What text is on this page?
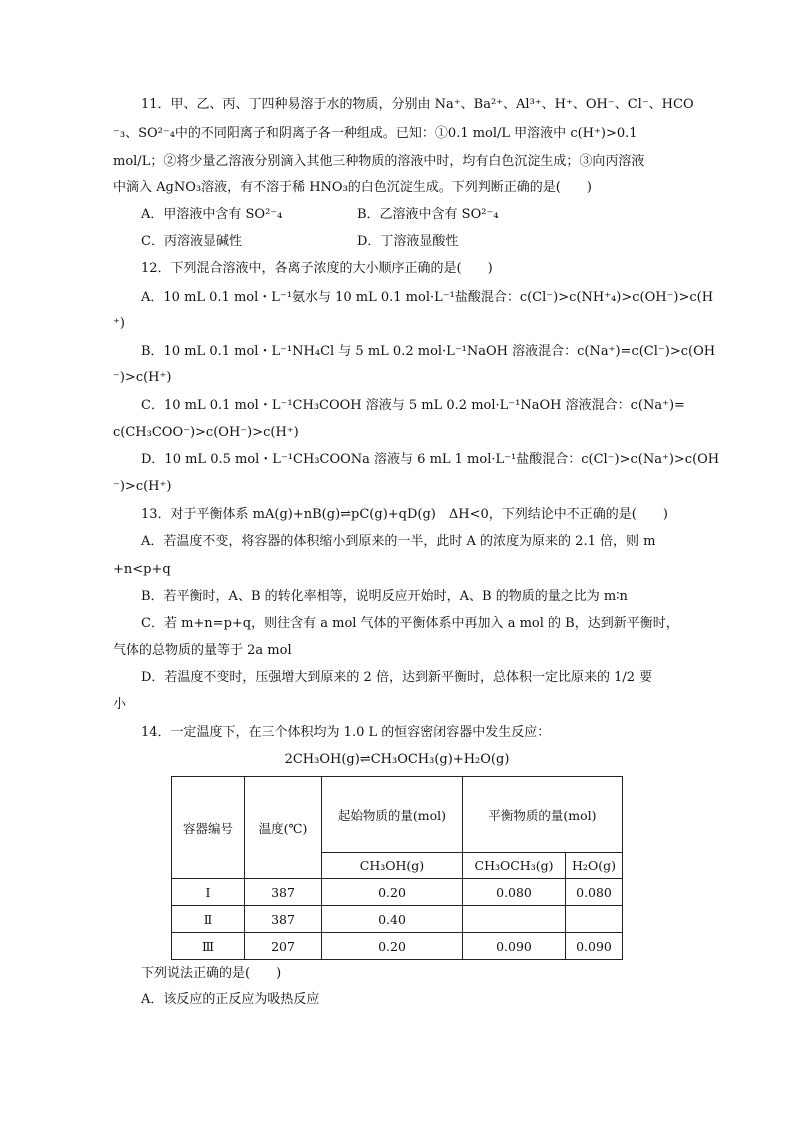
11．甲、乙、丙、丁四种易溶于水的物质，分别由 Na⁺、Ba²⁺、Al³⁺、H⁺、OH⁻、Cl⁻、HCO
⁻₃、SO²⁻₄中的不同阳离子和阴离子各一种组成。已知：①0.1 mol/L 甲溶液中 c(H⁺)>0.1
mol/L；②将少量乙溶液分别滴入其他三种物质的溶液中时，均有白色沉淀生成；③向丙溶液
中滴入 AgNO₃溶液，有不溶于稀 HNO₃的白色沉淀生成。下列判断正确的是(　　)
A．甲溶液中含有 SO²⁻₄	B．乙溶液中含有 SO²⁻₄
C．丙溶液显碱性	D．丁溶液显酸性
12．下列混合溶液中，各离子浓度的大小顺序正确的是(　　)
A．10 mL 0.1 mol・L⁻¹氨水与 10 mL 0.1 mol·L⁻¹盐酸混合：c(Cl⁻)>c(NH⁺₄)>c(OH⁻)>c(H
⁺)
B．10 mL 0.1 mol・L⁻¹NH₄Cl 与 5 mL 0.2 mol·L⁻¹NaOH 溶液混合：c(Na⁺)=c(Cl⁻)>c(OH
⁻)>c(H⁺)
C．10 mL 0.1 mol・L⁻¹CH₃COOH 溶液与 5 mL 0.2 mol·L⁻¹NaOH 溶液混合：c(Na⁺)=
c(CH₃COO⁻)>c(OH⁻)>c(H⁺)
D．10 mL 0.5 mol・L⁻¹CH₃COONa 溶液与 6 mL 1 mol·L⁻¹盐酸混合：c(Cl⁻)>c(Na⁺)>c(OH
⁻)>c(H⁺)
13．对于平衡体系 mA(g)+nB(g)⇌pC(g)+qD(g)　ΔH<0，下列结论中不正确的是(　　)
A．若温度不变，将容器的体积缩小到原来的一半，此时 A 的浓度为原来的 2.1 倍，则 m
+n<p+q
B．若平衡时，A、B 的转化率相等，说明反应开始时，A、B 的物质的量之比为 m∶n
C．若 m+n=p+q，则往含有 a mol 气体的平衡体系中再加入 a mol 的 B，达到新平衡时，
气体的总物质的量等于 2a mol
D．若温度不变时，压强增大到原来的 2 倍，达到新平衡时，总体积一定比原来的 1/2 要
小
14．一定温度下，在三个体积均为 1.0 L 的恒容密闭容器中发生反应：
2CH₃OH(g)⇌CH₃OCH₃(g)+H₂O(g)
容器编号	温度(℃)	起始物质的量(mol)	平衡物质的量(mol)	
		CH₃OH(g)	CH₃OCH₃(g)	H₂O(g)
Ⅰ	387	0.20	0.080	0.080
Ⅱ	387	0.40		
Ⅲ	207	0.20	0.090	0.090
下列说法正确的是(　　)
A．该反应的正反应为吸热反应
